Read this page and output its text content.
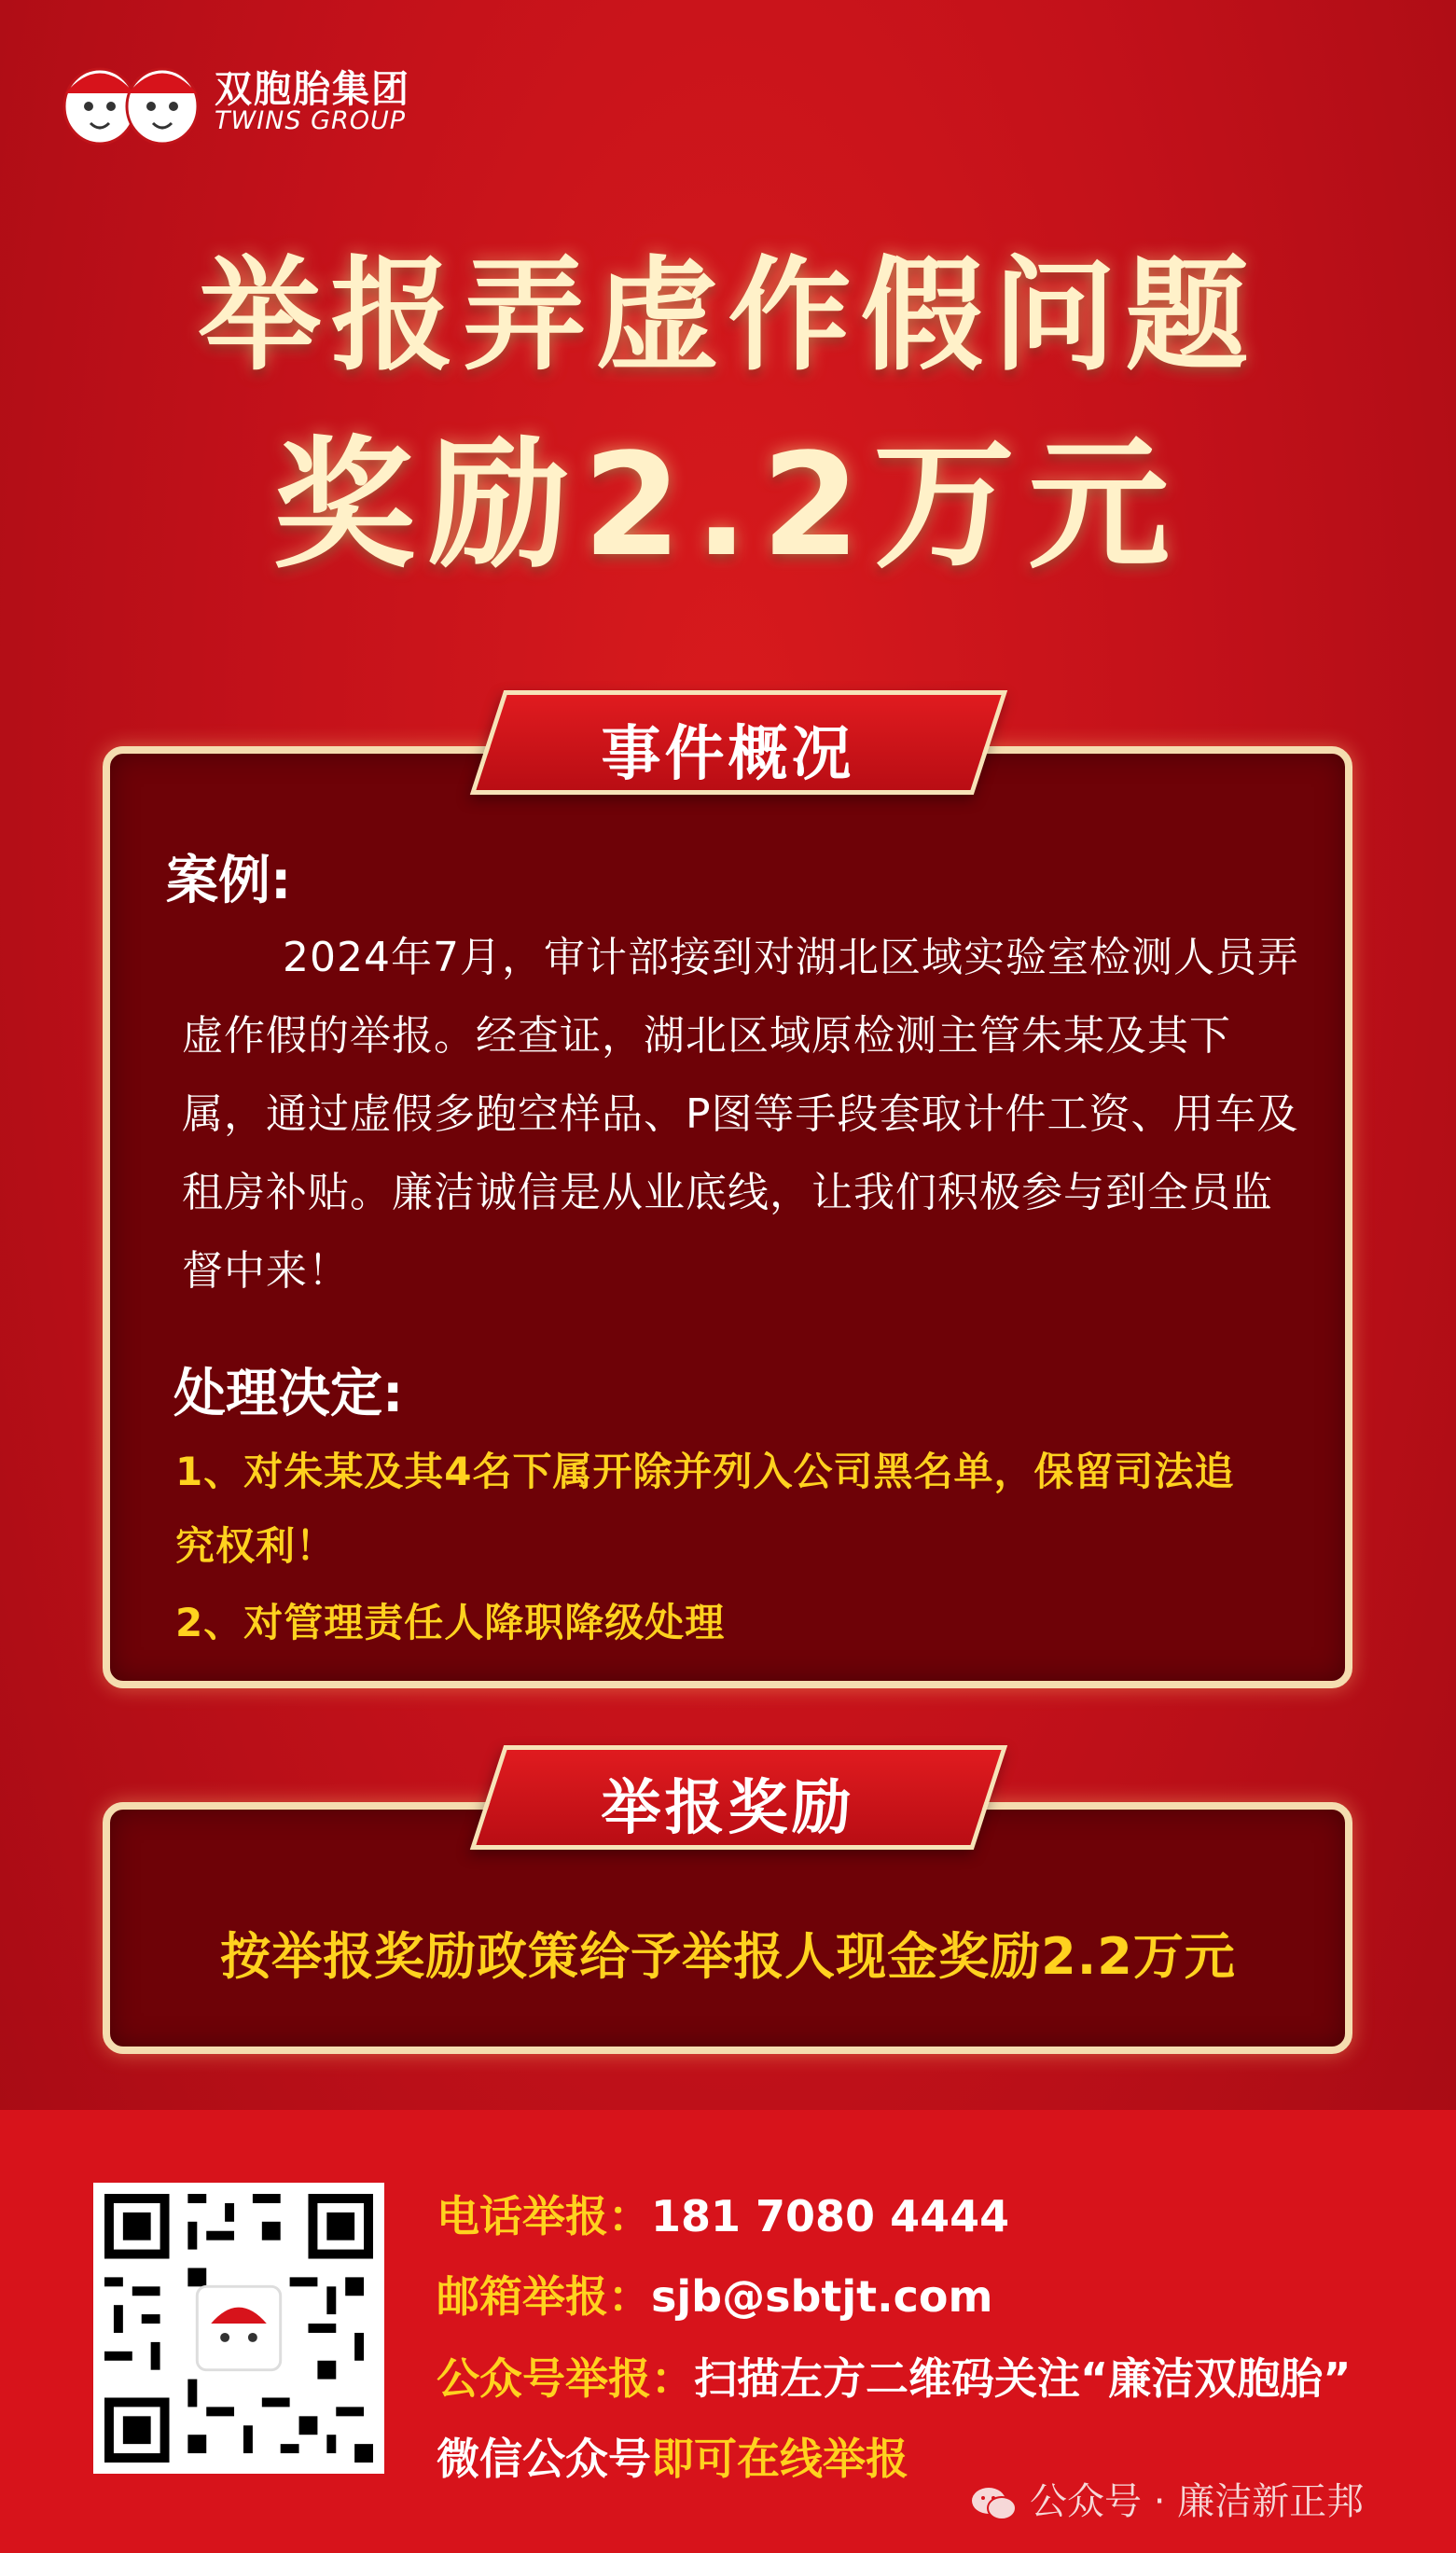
双胞胎集团
TWINS GROUP
举报弄虚作假问题
奖励2.2万元
事件概况
案例:
2024年7月，审计部接到对湖北区域实验室检测人员弄虚作假的举报。经查证，湖北区域原检测主管朱某及其下属，通过虚假多跑空样品、P图等手段套取计件工资、用车及租房补贴。廉洁诚信是从业底线，让我们积极参与到全员监督中来！
处理决定:
1、对朱某及其4名下属开除并列入公司黑名单，保留司法追
究权利！
2、对管理责任人降职降级处理
举报奖励
按举报奖励政策给予举报人现金奖励2.2万元
电话举报：181 7080 4444
邮箱举报：sjb@sbtjt.com
公众号举报：扫描左方二维码关注“廉洁双胞胎”
微信公众号即可在线举报
公众号 · 廉洁新正邦
